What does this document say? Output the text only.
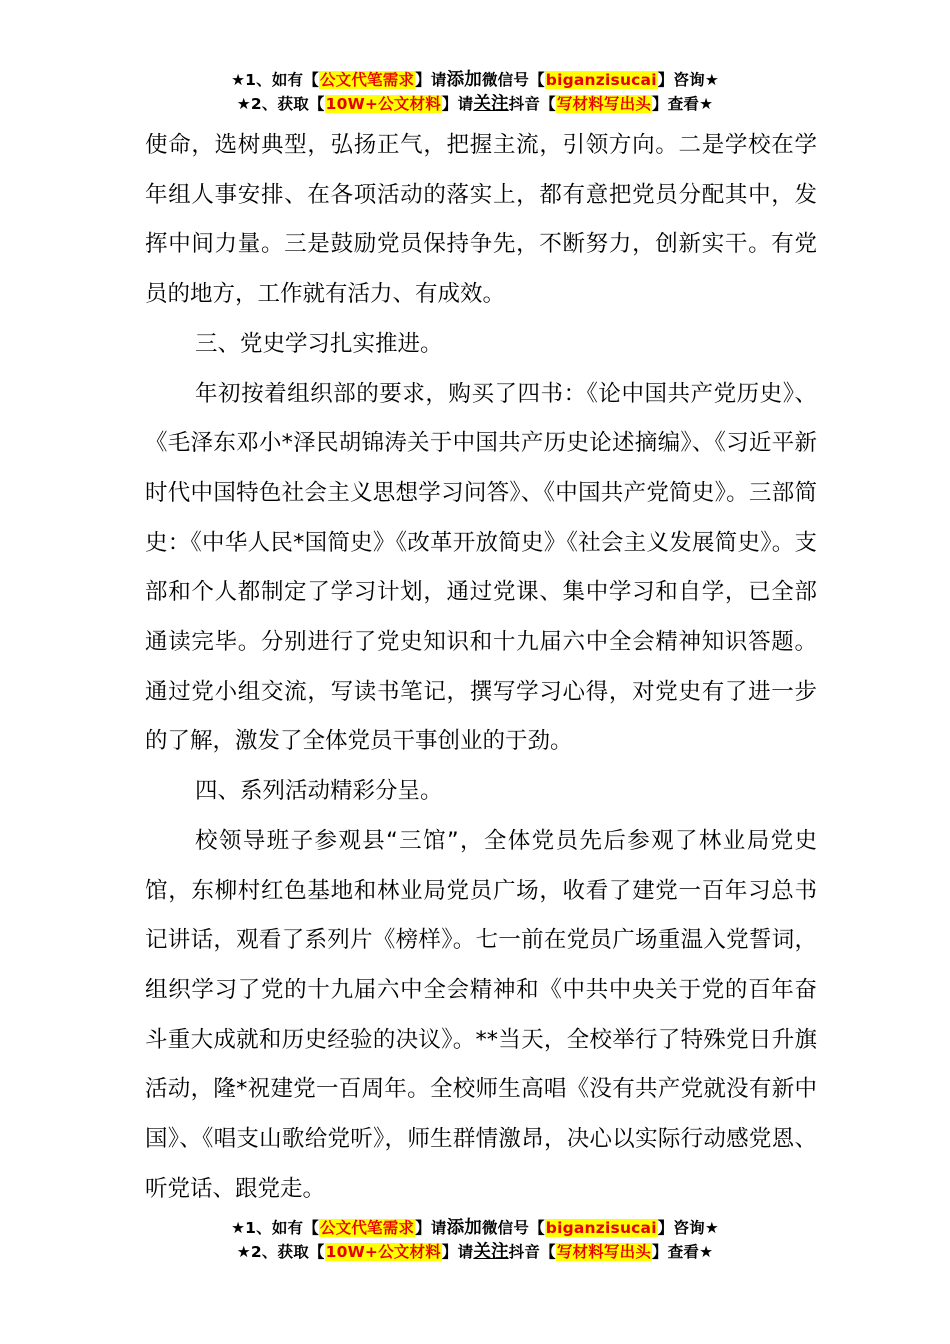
★1、如有【公文代笔需求】请添加微信号【biganzisucai】咨询★
★2、获取【10W+公文材料】请关注抖音【写材料写出头】查看★

使命，选树典型，弘扬正气，把握主流，引领方向。二是学校在学年组人事安排、在各项活动的落实上，都有意把党员分配其中，发挥中间力量。三是鼓励党员保持争先，不断努力，创新实干。有党员的地方，工作就有活力、有成效。

三、党史学习扎实推进。

年初按着组织部的要求，购买了四书：《论中国共产党历史》、《毛泽东邓小*泽民胡锦涛关于中国共产历史论述摘编》、《习近平新时代中国特色社会主义思想学习问答》、《中国共产党简史》。三部简史：《中华人民*国简史》《改革开放简史》《社会主义发展简史》。支部和个人都制定了学习计划，通过党课、集中学习和自学，已全部通读完毕。分别进行了党史知识和十九届六中全会精神知识答题。通过党小组交流，写读书笔记，撰写学习心得，对党史有了进一步的了解，激发了全体党员干事创业的于劲。

四、系列活动精彩分呈。

校领导班子参观县“三馆”，全体党员先后参观了林业局党史馆，东柳村红色基地和林业局党员广场，收看了建党一百年习总书记讲话，观看了系列片《榜样》。七一前在党员广场重温入党誓词，组织学习了党的十九届六中全会精神和《中共中央关于党的百年奋斗重大成就和历史经验的决议》。**当天，全校举行了特殊党日升旗活动，隆*祝建党一百周年。全校师生高唱《没有共产党就没有新中国》、《唱支山歌给党听》，师生群情激昂，决心以实际行动感党恩、听党话、跟党走。

★1、如有【公文代笔需求】请添加微信号【biganzisucai】咨询★
★2、获取【10W+公文材料】请关注抖音【写材料写出头】查看★
